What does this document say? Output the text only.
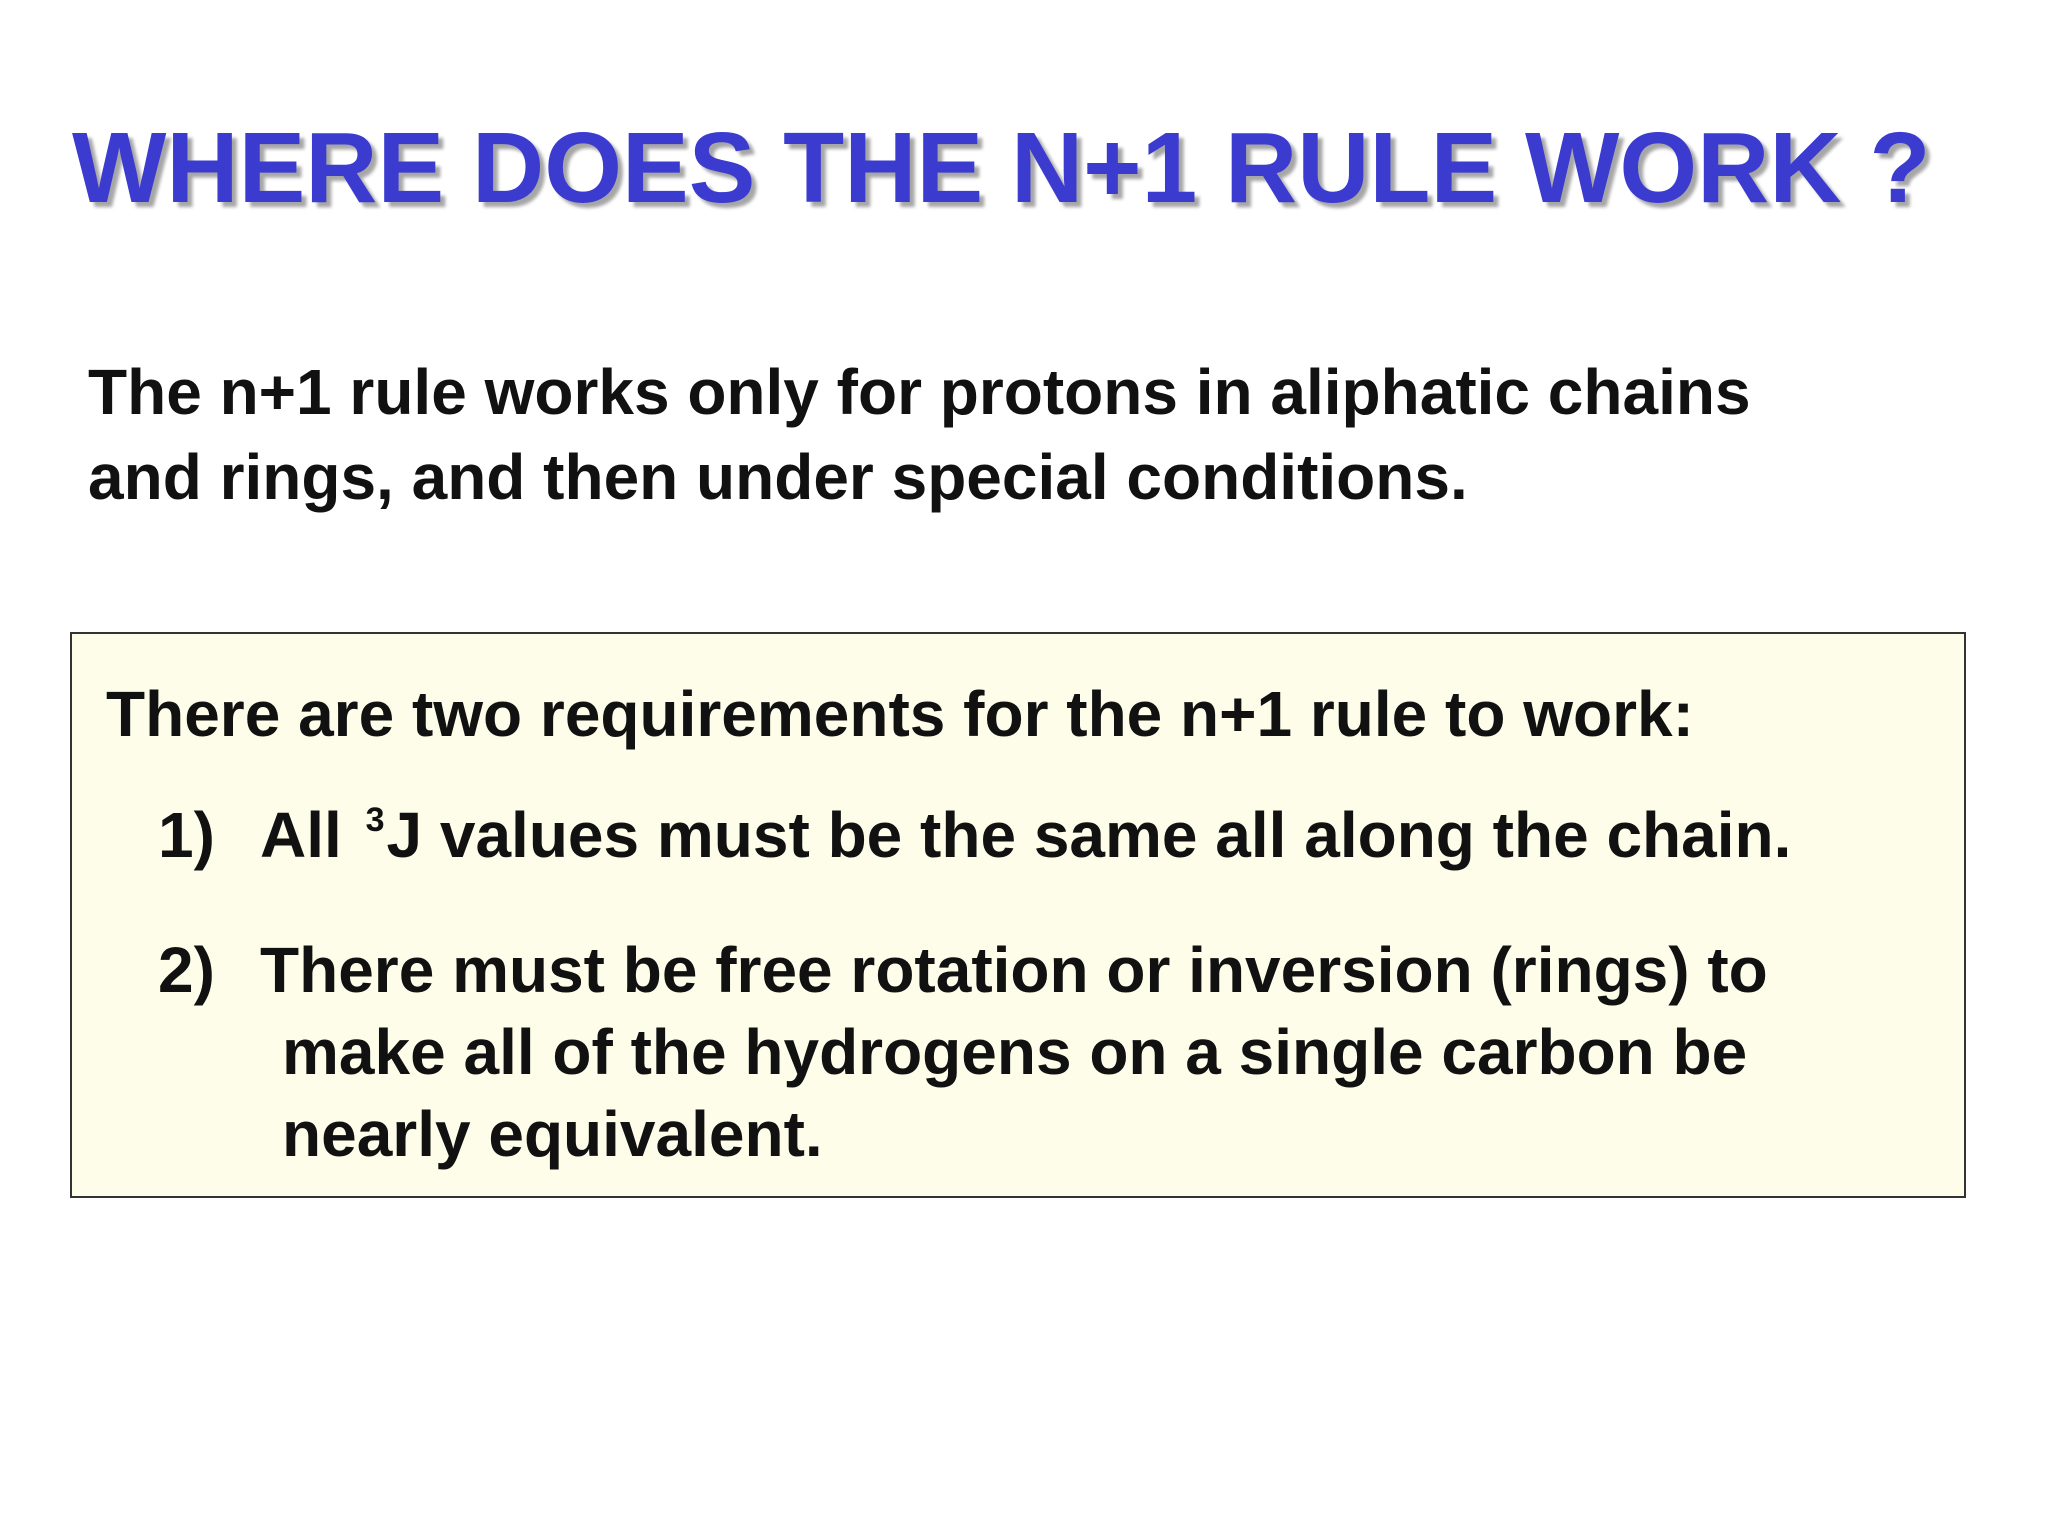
WHERE DOES THE N+1 RULE WORK ?

The n+1 rule works only for protons in aliphatic chains
and rings, and then under special conditions.

There are two requirements for the n+1 rule to work:

1) All $^3$J values must be the same all along the chain.

2) There must be free rotation or inversion (rings) to
make all of the hydrogens on a single carbon be
nearly equivalent.
